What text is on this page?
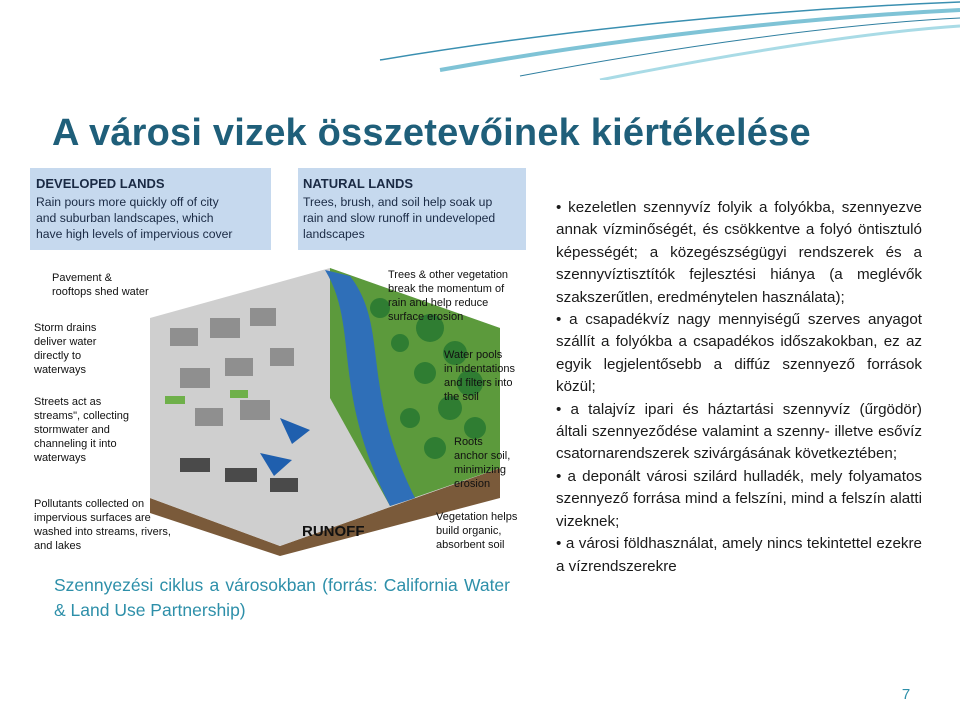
A városi vizek összetevőinek kiértékelése
DEVELOPED LANDS
Rain pours more quickly off of city
and suburban landscapes, which
have high levels of impervious cover
NATURAL LANDS
Trees, brush, and soil help soak up
rain and slow runoff in undeveloped
landscapes
Pavement &
rooftops shed water
Storm drains
deliver water
directly to
waterways
Streets act as
streams", collecting
stormwater and
channeling it into
waterways
Pollutants collected on
impervious surfaces are
washed into streams, rivers,
and lakes
Trees & other vegetation
break the momentum of
rain and help reduce
surface erosion
Water pools
in indentations
and filters into
the soil
Roots
anchor soil,
minimizing
erosion
Vegetation helps
build organic,
absorbent soil
RUNOFF
Szennyezési ciklus a városokban (forrás: California Water & Land Use Partnership)

• kezeletlen szennyvíz folyik a folyókba, szennyezve annak vízminőségét, és csökkentve a folyó öntisztuló képességét; a közegészségügyi rendszerek és a szennyvíztisztítók fejlesztési hiánya (a meglévők szakszerűtlen, eredménytelen használata);

• a csapadékvíz nagy mennyiségű szerves anyagot szállít a folyókba a csapadékos időszakokban, ez az egyik legjelentősebb a diffúz szennyező források közül;

• a talajvíz ipari és háztartási szennyvíz (űrgödör) általi szennyeződése valamint a szenny- illetve esővíz csatornarendszerek szivárgásának következtében;

• a deponált városi szilárd hulladék, mely folyamatos szennyező forrása mind a felszíni, mind a felszín alatti vizeknek;

• a városi földhasználat, amely nincs tekintettel ezekre a vízrendszerekre

7
